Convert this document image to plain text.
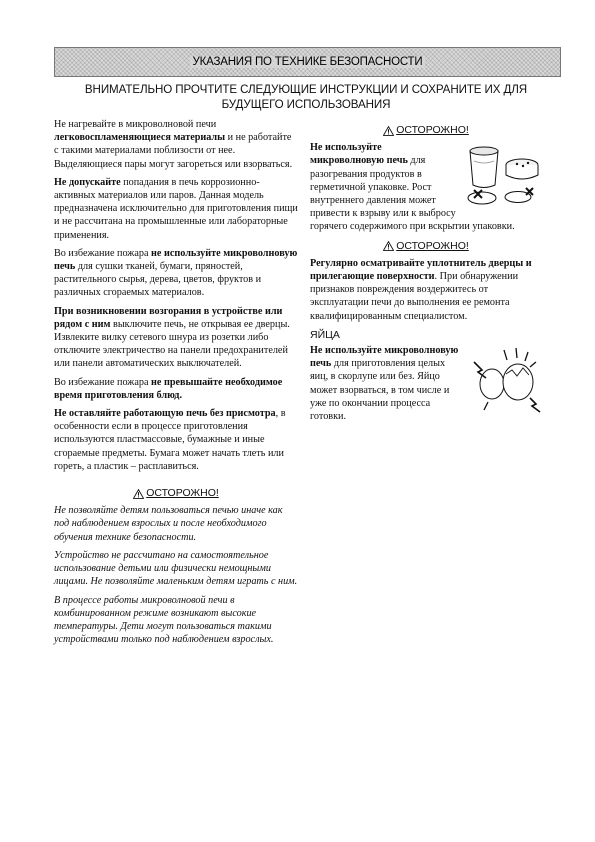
УКАЗАНИЯ ПО ТЕХНИКЕ БЕЗОПАСНОСТИ
ВНИМАТЕЛЬНО ПРОЧТИТЕ СЛЕДУЮЩИЕ ИНСТРУКЦИИ И СОХРАНИТЕ ИХ ДЛЯ
БУДУЩЕГО ИСПОЛЬЗОВАНИЯ

Не нагревайте в микроволновой печи легковоспламеняющиеся материалы и не работайте с такими материалами поблизости от нее. Выделяющиеся пары могут загореться или взорваться.

Не допускайте попадания в печь коррозионно-активных материалов или паров. Данная модель предназначена исключительно для приготовления пищи и не рассчитана на промышленные или лабораторные применения.

Во избежание пожара не используйте микроволновую печь для сушки тканей, бумаги, пряностей, растительного сырья, дерева, цветов, фруктов и различных сгораемых материалов.

При возникновении возгорания в устройстве или рядом с ним выключите печь, не открывая ее дверцы. Извлеките вилку сетевого шнура из розетки либо отключите электричество на панели предохранителей или панели автоматических выключателей.

Во избежание пожара не превышайте необходимое время приготовления блюд.

Не оставляйте работающую печь без присмотра, в особенности если в процессе приготовления используются пластмассовые, бумажные и иные сгораемые предметы. Бумага может начать тлеть или гореть, а пластик – расплавиться.

ОСТОРОЖНО!

Не позволяйте детям пользоваться печью иначе как под наблюдением взрослых и после необходимого обучения технике безопасности.

Устройство не рассчитано на самостоятельное использование детьми или физически немощными лицами. Не позволяйте маленьким детям играть с ним.

В процессе работы микроволновой печи в комбинированном режиме возникают высокие температуры. Дети могут пользоваться такими устройствами только под наблюдением взрослых.

ОСТОРОЖНО!

Не используйте микроволновую печь для разогревания продуктов в герметичной упаковке. Рост внутреннего давления может привести к взрыву или к выбросу горячего содержимого при вскрытии упаковки.

ОСТОРОЖНО!

Регулярно осматривайте уплотнитель дверцы и прилегающие поверхности. При обнаружении признаков повреждения воздержитесь от эксплуатации печи до выполнения ее ремонта квалифицированным специалистом.

ЯЙЦА

Не используйте микроволновую печь для приготовления целых яиц, в скорлупе или без. Яйцо может взорваться, в том числе и уже по окончании процесса готовки.
